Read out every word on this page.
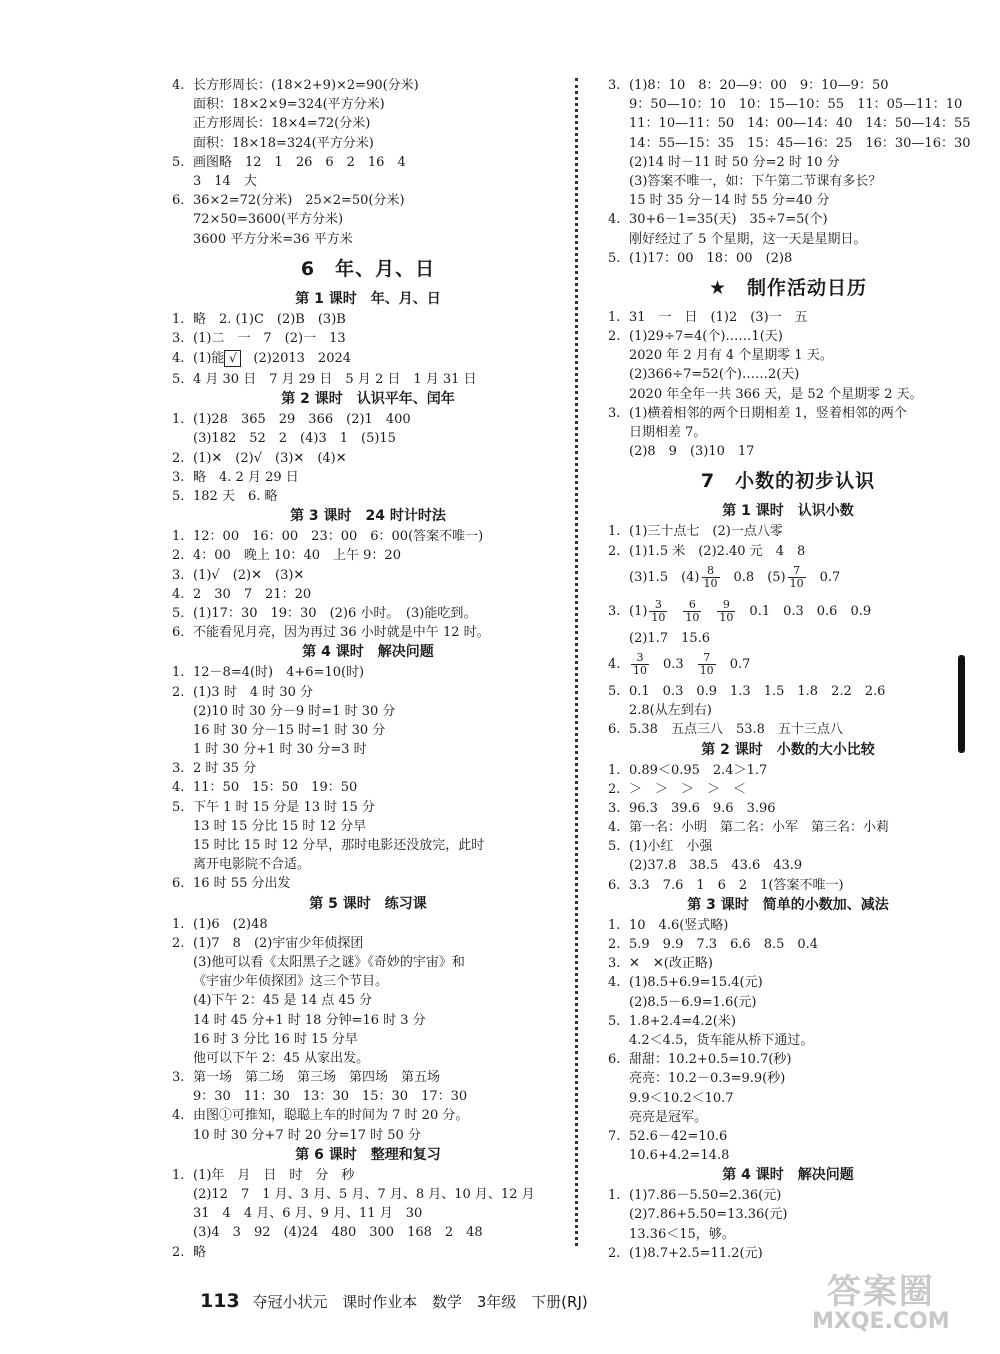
4. 长方形周长：(18×2+9)×2=90(分米)
面积：18×2×9=324(平方分米)
正方形周长：18×4=72(分米)
面积：18×18=324(平方分米)
5. 画图略　12　1　26　6　2　16　4
3　14　大
6. 36×2=72(分米)　25×2=50(分米)
72×50=3600(平方分米)
3600 平方分米=36 平方米
6　年、月、日
第 1 课时　年、月、日
1. 略　2. (1)C　(2)B　(3)B
3. (1)二　一　7　(2)一　13
4. (1)能 √ (2)2013　2024
5. 4 月 30 日　7 月 29 日　5 月 2 日　1 月 31 日
第 2 课时　认识平年、闰年
1. (1)28　365　29　366　(2)1　400
(3)182　52　2　(4)3　1　(5)15
2. (1)✕　(2)√　(3)✕　(4)✕
3. 略　4. 2 月 29 日
5. 182 天　6. 略
第 3 课时　24 时计时法
1. 12：00　16：00　23：00　6：00(答案不唯一)
2. 4：00　晚上 10：40　上午 9：20
3. (1)√　(2)✕　(3)✕
4. 2　30　7　21：20
5. (1)17：30　19：30　(2)6 小时。　(3)能吃到。
6. 不能看见月亮，因为再过 36 小时就是中午 12 时。
第 4 课时　解决问题
1. 12－8=4(时)　4+6=10(时)
2. (1)3 时　4 时 30 分
(2)10 时 30 分－9 时=1 时 30 分
16 时 30 分－15 时=1 时 30 分
1 时 30 分+1 时 30 分=3 时
3. 2 时 35 分
4. 11：50　15：50　19：50
5. 下午 1 时 15 分是 13 时 15 分
13 时 15 分比 15 时 12 分早
15 时比 15 时 12 分早，那时电影还没放完，此时
离开电影院不合适。
6. 16 时 55 分出发
第 5 课时　练习课
1. (1)6　(2)48
2. (1)7　8　(2)宇宙少年侦探团
(3)他可以看《太阳黑子之谜》《奇妙的宇宙》和
《宇宙少年侦探团》这三个节目。
(4)下午 2：45 是 14 点 45 分
14 时 45 分+1 时 18 分钟=16 时 3 分
16 时 3 分比 16 时 15 分早
他可以下午 2：45 从家出发。
3. 第一场　第二场　第三场　第四场　第五场
9：30　11：30　13：30　15：30　17：30
4. 由图①可推知，聪聪上车的时间为 7 时 20 分。
10 时 30 分+7 时 20 分=17 时 50 分
第 6 课时　整理和复习
1. (1)年　月　日　时　分　秒
(2)12　7　1 月、3 月、5 月、7 月、8 月、10 月、12 月
31　4　4 月、6 月、9 月、11 月　30
(3)4　3　92　(4)24　480　300　168　2　48
2. 略
3. (1)8：10　8：20—9：00　9：10—9：50
9：50—10：10　10：15—10：55　11：05—11：10
11：10—11：50　14：00—14：40　14：50—14：55
14：55—15：35　15：45—16：25　16：30—16：30
(2)14 时－11 时 50 分=2 时 10 分
(3)答案不唯一，如：下午第二节课有多长？
15 时 35 分－14 时 55 分=40 分
4. 30+6－1=35(天)　35÷7=5(个)
刚好经过了 5 个星期，这一天是星期日。
5. (1)17：00　18：00　(2)8
★　制作活动日历
1. 31　一　日　(1)2　(3)一　五
2. (1)29÷7=4(个)……1(天)
2020 年 2 月有 4 个星期零 1 天。
(2)366÷7=52(个)……2(天)
2020 年全年一共 366 天，是 52 个星期零 2 天。
3. (1)横着相邻的两个日期相差 1，竖着相邻的两个
日期相差 7。
(2)8　9　(3)10　17
7　小数的初步认识
第 1 课时　认识小数
1. (1)三十点七　(2)一点八零
2. (1)1.5 米　(2)2.40 元　4　8
(3)1.5　$(4) \frac{8}{10} 0.8$　$(5) \frac{7}{10} 0.7$
3. $(1) \frac{3}{10} \frac{6}{10} \frac{9}{10} 0.1$　0.3　0.6　0.9
(2)1.7　15.6
4. $\frac{3}{10} 0.3 \frac{7}{10} 0.7$
5. 0.1　0.3　0.9　1.3　1.5　1.8　2.2　2.6
2.8(从左到右)
6. 5.38　五点三八　53.8　五十三点八
第 2 课时　小数的大小比较
1. 0.89＜0.95　2.4＞1.7
2. ＞　＞　＞　＞　＜
3. 96.3　39.6　9.6　3.96
4. 第一名：小明　第二名：小军　第三名：小莉
5. (1)小红　小强
(2)37.8　38.5　43.6　43.9
6. 3.3　7.6　1　6　2　1(答案不唯一)
第 3 课时　简单的小数加、减法
1. 10　4.6(竖式略)
2. 5.9　9.9　7.3　6.6　8.5　0.4
3. ✕　✕(改正略)
4. (1)8.5+6.9=15.4(元)
(2)8.5－6.9=1.6(元)
5. 1.8+2.4=4.2(米)
4.2＜4.5，货车能从桥下通过。
6. 甜甜：10.2+0.5=10.7(秒)
亮亮：10.2－0.3=9.9(秒)
9.9＜10.2＜10.7
亮亮是冠军。
7. 52.6－42=10.6
10.6+4.2=14.8
第 4 课时　解决问题
1. (1)7.86－5.50=2.36(元)
(2)7.86+5.50=13.36(元)
13.36＜15，够。
2. (1)8.7+2.5=11.2(元)
113 夺冠小状元 课时作业本 数学 3年级 下册(RJ)	答案圈
MXQE.COM
